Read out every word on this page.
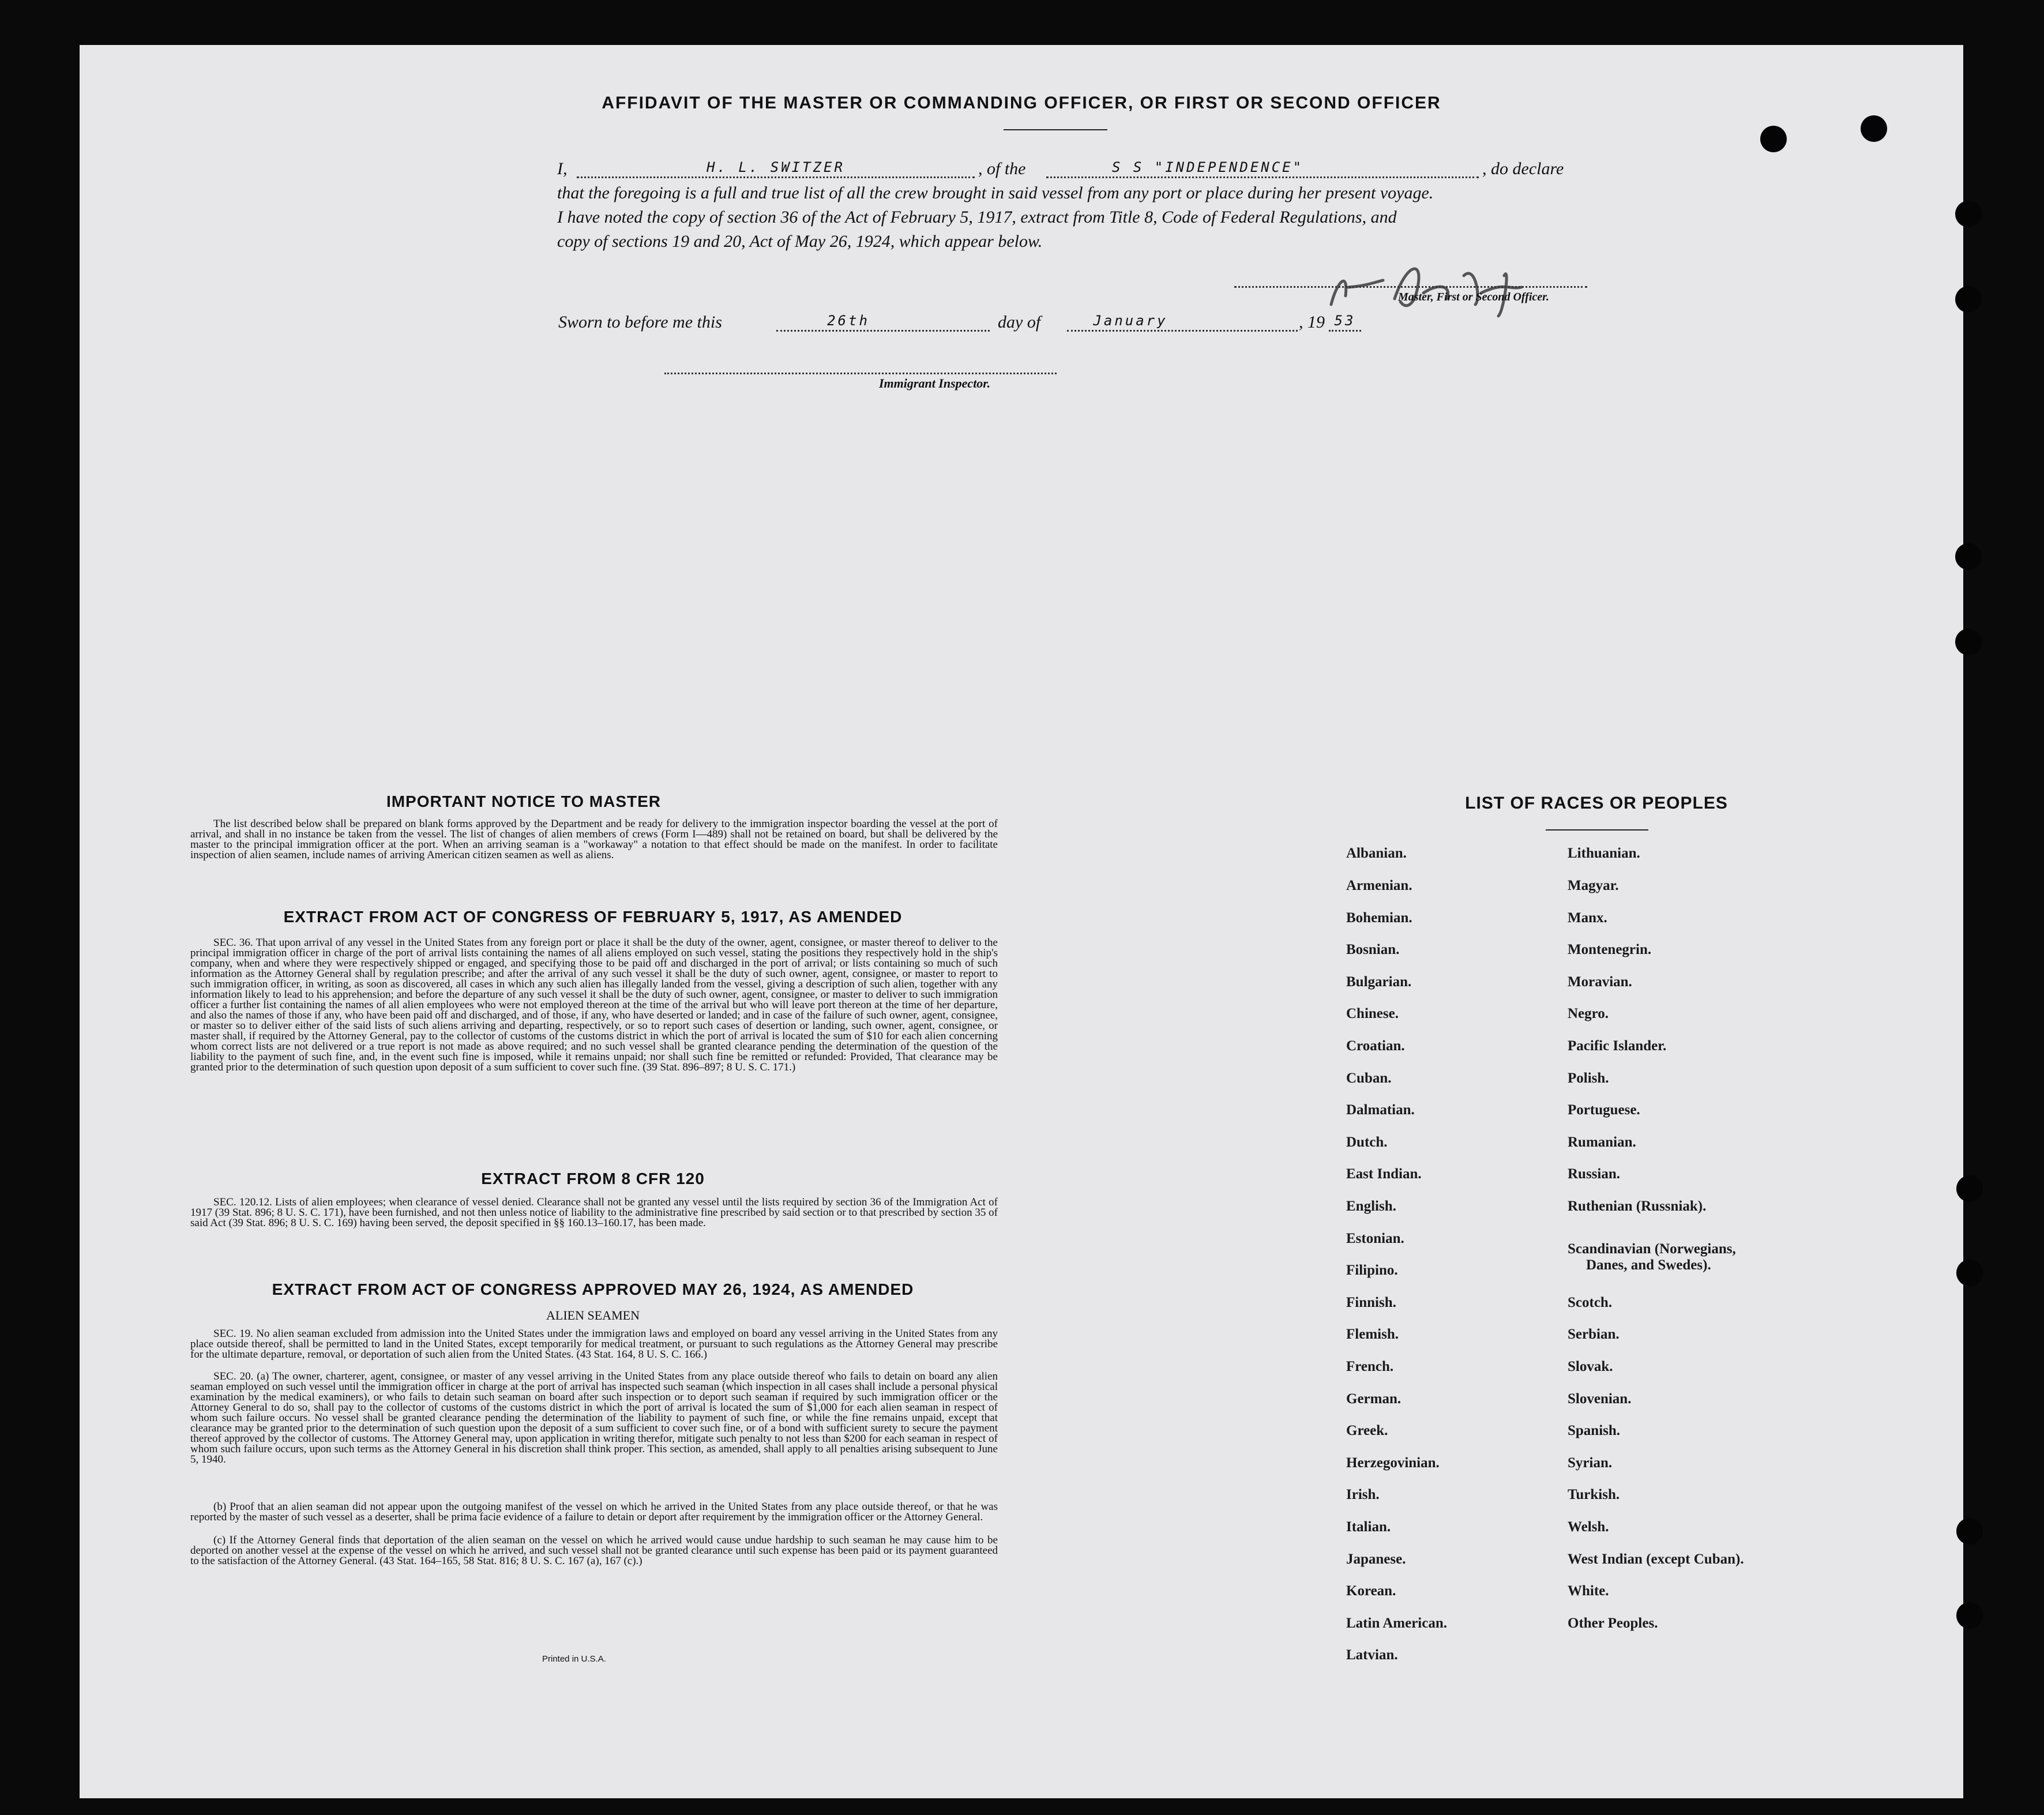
AFFIDAVIT OF THE MASTER OR COMMANDING OFFICER, OR FIRST OR SECOND OFFICER
I,	H. L. SWITZER	, of the	S S "INDEPENDENCE"	, do declare
that the foregoing is a full and true list of all the crew brought in said vessel from any port or place during her present voyage.
I have noted the copy of section 36 of the Act of February 5, 1917, extract from Title 8, Code of Federal Regulations, and
copy of sections 19 and 20, Act of May 26, 1924, which appear below.
Master, First or Second Officer.
Sworn to before me this	26th	day of	January	, 19 53
Immigrant Inspector.
IMPORTANT NOTICE TO MASTER
The list described below shall be prepared on blank forms approved by the Department and be ready for delivery to the immigration inspector boarding the vessel at the port of arrival, and shall in no instance be taken from the vessel. The list of changes of alien members of crews (Form I—489) shall not be retained on board, but shall be delivered by the master to the principal immigration officer at the port. When an arriving seaman is a "workaway" a notation to that effect should be made on the manifest. In order to facilitate inspection of alien seamen, include names of arriving American citizen seamen as well as aliens.
EXTRACT FROM ACT OF CONGRESS OF FEBRUARY 5, 1917, AS AMENDED
SEC. 36. That upon arrival of any vessel in the United States from any foreign port or place it shall be the duty of the owner, agent, consignee, or master thereof to deliver to the principal immigration officer in charge of the port of arrival lists containing the names of all aliens employed on such vessel, stating the positions they respectively hold in the ship's company, when and where they were respectively shipped or engaged, and specifying those to be paid off and discharged in the port of arrival; or lists containing so much of such information as the Attorney General shall by regulation prescribe; and after the arrival of any such vessel it shall be the duty of such owner, agent, consignee, or master to report to such immigration officer, in writing, as soon as discovered, all cases in which any such alien has illegally landed from the vessel, giving a description of such alien, together with any information likely to lead to his apprehension; and before the departure of any such vessel it shall be the duty of such owner, agent, consignee, or master to deliver to such immigration officer a further list containing the names of all alien employees who were not employed thereon at the time of the arrival but who will leave port thereon at the time of her departure, and also the names of those if any, who have been paid off and discharged, and of those, if any, who have deserted or landed; and in case of the failure of such owner, agent, consignee, or master so to deliver either of the said lists of such aliens arriving and departing, respectively, or so to report such cases of desertion or landing, such owner, agent, consignee, or master shall, if required by the Attorney General, pay to the collector of customs of the customs district in which the port of arrival is located the sum of $10 for each alien concerning whom correct lists are not delivered or a true report is not made as above required; and no such vessel shall be granted clearance pending the determination of the question of the liability to the payment of such fine, and, in the event such fine is imposed, while it remains unpaid; nor shall such fine be remitted or refunded: Provided, That clearance may be granted prior to the determination of such question upon deposit of a sum sufficient to cover such fine. (39 Stat. 896–897; 8 U. S. C. 171.)
EXTRACT FROM 8 CFR 120
SEC. 120.12. Lists of alien employees; when clearance of vessel denied. Clearance shall not be granted any vessel until the lists required by section 36 of the Immigration Act of 1917 (39 Stat. 896; 8 U. S. C. 171), have been furnished, and not then unless notice of liability to the administrative fine prescribed by said section or to that prescribed by section 35 of said Act (39 Stat. 896; 8 U. S. C. 169) having been served, the deposit specified in §§ 160.13–160.17, has been made.
EXTRACT FROM ACT OF CONGRESS APPROVED MAY 26, 1924, AS AMENDED
ALIEN SEAMEN
SEC. 19. No alien seaman excluded from admission into the United States under the immigration laws and employed on board any vessel arriving in the United States from any place outside thereof, shall be permitted to land in the United States, except temporarily for medical treatment, or pursuant to such regulations as the Attorney General may prescribe for the ultimate departure, removal, or deportation of such alien from the United States. (43 Stat. 164, 8 U. S. C. 166.)
SEC. 20. (a) The owner, charterer, agent, consignee, or master of any vessel arriving in the United States from any place outside thereof who fails to detain on board any alien seaman employed on such vessel until the immigration officer in charge at the port of arrival has inspected such seaman (which inspection in all cases shall include a personal physical examination by the medical examiners), or who fails to detain such seaman on board after such inspection or to deport such seaman if required by such immigration officer or the Attorney General to do so, shall pay to the collector of customs of the customs district in which the port of arrival is located the sum of $1,000 for each alien seaman in respect of whom such failure occurs. No vessel shall be granted clearance pending the determination of the liability to payment of such fine, or while the fine remains unpaid, except that clearance may be granted prior to the determination of such question upon the deposit of a sum sufficient to cover such fine, or of a bond with sufficient surety to secure the payment thereof approved by the collector of customs. The Attorney General may, upon application in writing therefor, mitigate such penalty to not less than $200 for each seaman in respect of whom such failure occurs, upon such terms as the Attorney General in his discretion shall think proper. This section, as amended, shall apply to all penalties arising subsequent to June 5, 1940.
(b) Proof that an alien seaman did not appear upon the outgoing manifest of the vessel on which he arrived in the United States from any place outside thereof, or that he was reported by the master of such vessel as a deserter, shall be prima facie evidence of a failure to detain or deport after requirement by the immigration officer or the Attorney General.
(c) If the Attorney General finds that deportation of the alien seaman on the vessel on which he arrived would cause undue hardship to such seaman he may cause him to be deported on another vessel at the expense of the vessel on which he arrived, and such vessel shall not be granted clearance until such expense has been paid or its payment guaranteed to the satisfaction of the Attorney General. (43 Stat. 164–165, 58 Stat. 816; 8 U. S. C. 167 (a), 167 (c).)
Printed in U.S.A.
LIST OF RACES OR PEOPLES
Albanian.
Armenian.
Bohemian.
Bosnian.
Bulgarian.
Chinese.
Croatian.
Cuban.
Dalmatian.
Dutch.
East Indian.
English.
Estonian.
Filipino.
Finnish.
Flemish.
French.
German.
Greek.
Herzegovinian.
Irish.
Italian.
Japanese.
Korean.
Latin American.
Latvian.
Lithuanian.
Magyar.
Manx.
Montenegrin.
Moravian.
Negro.
Pacific Islander.
Polish.
Portuguese.
Rumanian.
Russian.
Ruthenian (Russniak).
Scandinavian (Norwegians,
Danes, and Swedes).
Scotch.
Serbian.
Slovak.
Slovenian.
Spanish.
Syrian.
Turkish.
Welsh.
West Indian (except Cuban).
White.
Other Peoples.
